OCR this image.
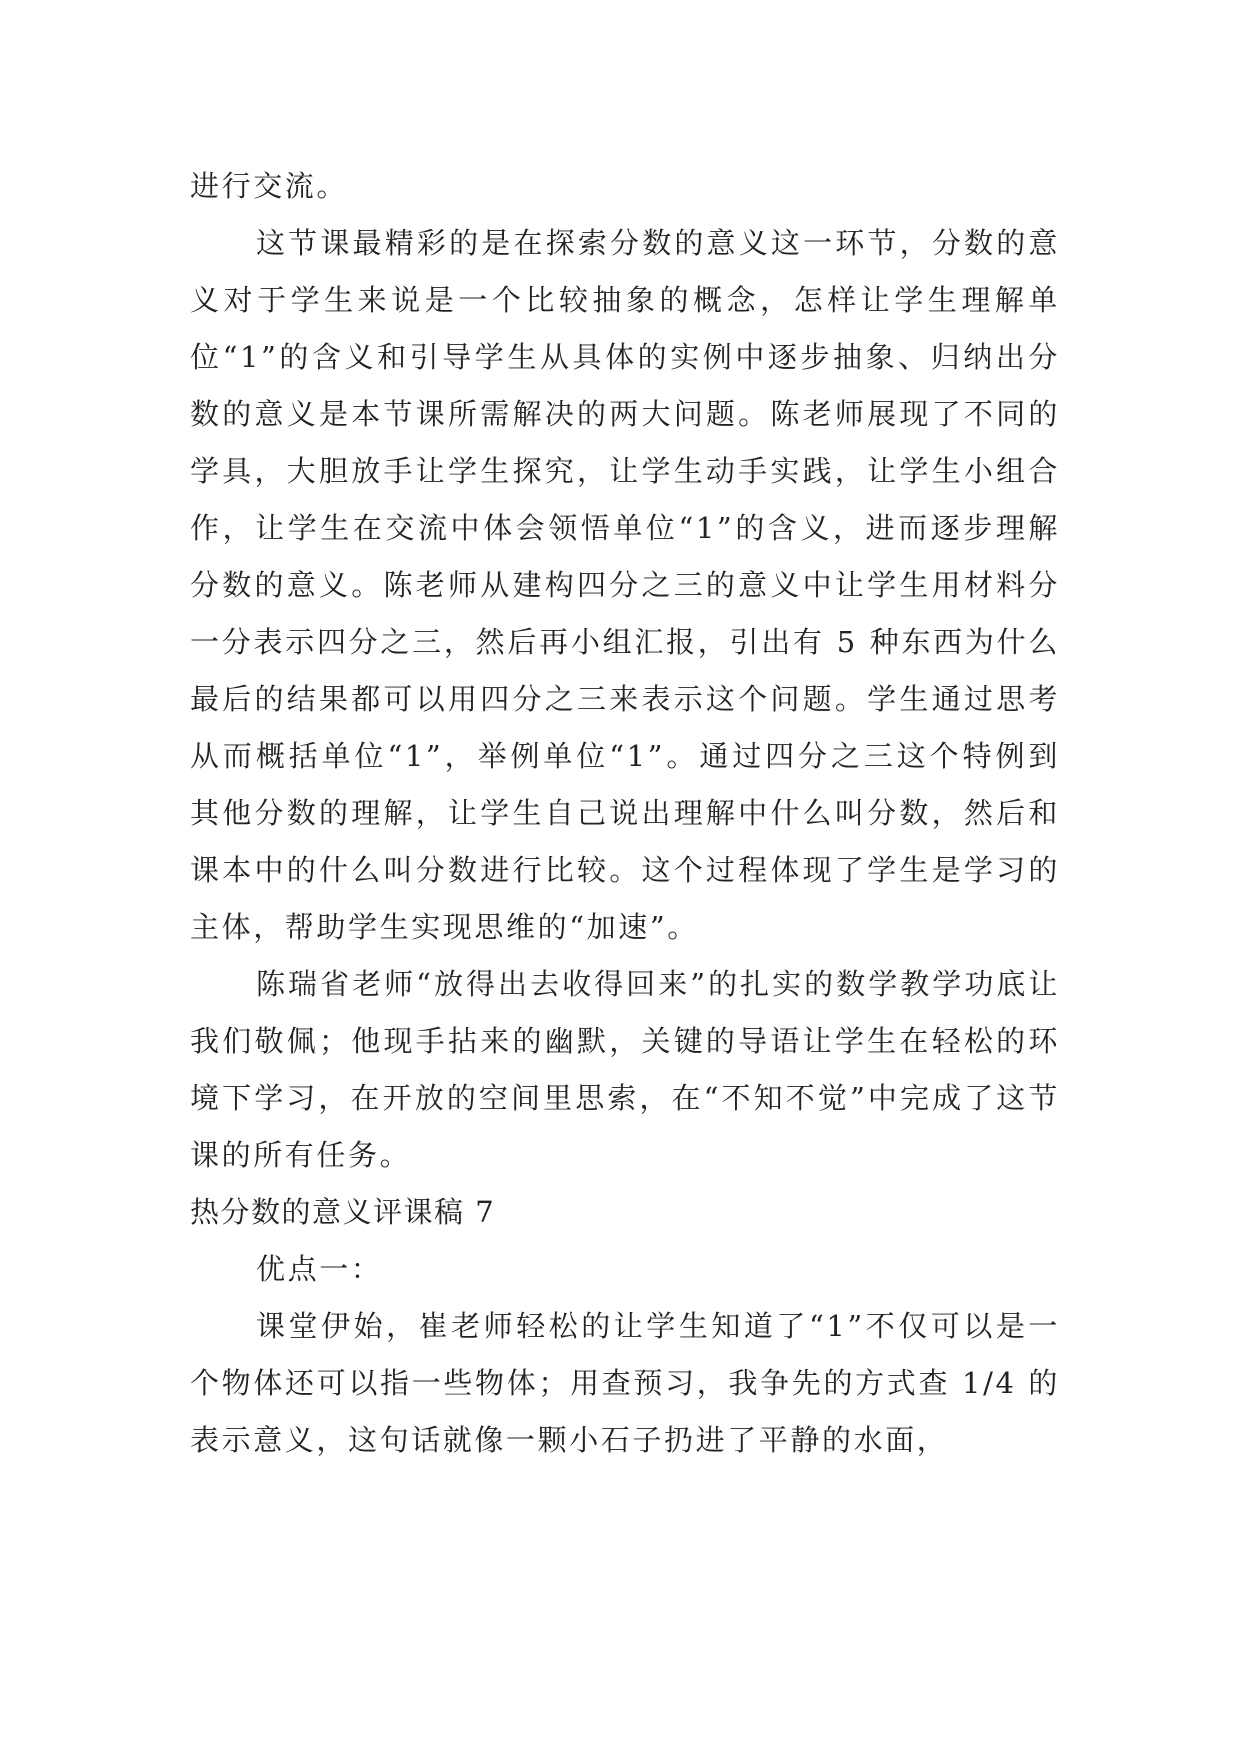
进行交流。

这节课最精彩的是在探索分数的意义这一环节，分数的意义对于学生来说是一个比较抽象的概念，怎样让学生理解单位“1”的含义和引导学生从具体的实例中逐步抽象、归纳出分数的意义是本节课所需解决的两大问题。陈老师展现了不同的学具，大胆放手让学生探究，让学生动手实践，让学生小组合作，让学生在交流中体会领悟单位“1”的含义，进而逐步理解分数的意义。陈老师从建构四分之三的意义中让学生用材料分一分表示四分之三，然后再小组汇报，引出有 5 种东西为什么最后的结果都可以用四分之三来表示这个问题。学生通过思考从而概括单位“1”，举例单位“1”。通过四分之三这个特例到其他分数的理解，让学生自己说出理解中什么叫分数，然后和课本中的什么叫分数进行比较。这个过程体现了学生是学习的主体，帮助学生实现思维的“加速”。

陈瑞省老师“放得出去收得回来”的扎实的数学教学功底让我们敬佩；他现手拈来的幽默，关键的导语让学生在轻松的环境下学习，在开放的空间里思索，在“不知不觉”中完成了这节课的所有任务。

热分数的意义评课稿 7

优点一：

课堂伊始，崔老师轻松的让学生知道了“1”不仅可以是一个物体还可以指一些物体；用查预习，我争先的方式查 1/4 的表示意义，这句话就像一颗小石子扔进了平静的水面，
